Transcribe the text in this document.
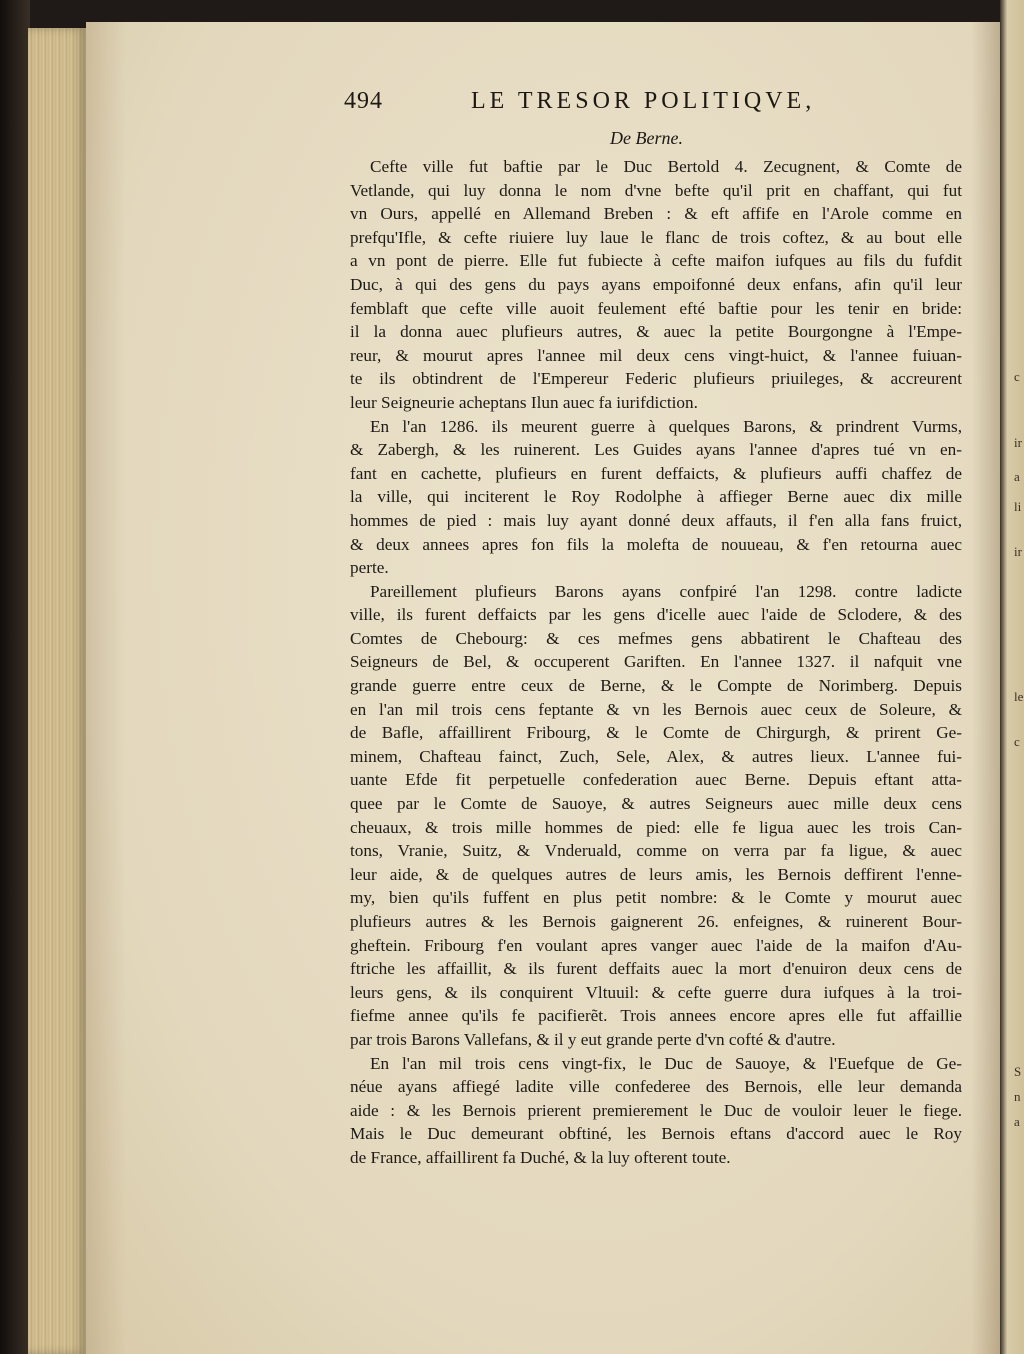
c
ir
a
li
ir
le
c
S
n
a
494	LE TRESOR POLITIQVE,
De Berne.
Cefte ville fut baftie par le Duc Bertold 4. Zecugnent, & Comte de
Vetlande, qui luy donna le nom d'vne befte qu'il prit en chaffant, qui fut
vn Ours, appellé en Allemand Breben : & eft affife en l'Arole comme en
prefqu'Ifle, & cefte riuiere luy laue le flanc de trois coftez, & au bout elle
a vn pont de pierre. Elle fut fubiecte à cefte maifon iufques au fils du fufdit
Duc, à qui des gens du pays ayans empoifonné deux enfans, afin qu'il leur
femblaft que cefte ville auoit feulement efté baftie pour les tenir en bride:
il la donna auec plufieurs autres, & auec la petite Bourgongne à l'Empe-
reur, & mourut apres l'annee mil deux cens vingt-huict, & l'annee fuiuan-
te ils obtindrent de l'Empereur Federic plufieurs priuileges, & accreurent
leur Seigneurie acheptans Ilun auec fa iurifdiction.
En l'an 1286. ils meurent guerre à quelques Barons, & prindrent Vurms,
& Zabergh, & les ruinerent. Les Guides ayans l'annee d'apres tué vn en-
fant en cachette, plufieurs en furent deffaicts, & plufieurs auffi chaffez de
la ville, qui inciterent le Roy Rodolphe à affieger Berne auec dix mille
hommes de pied : mais luy ayant donné deux affauts, il f'en alla fans fruict,
& deux annees apres fon fils la molefta de nouueau, & f'en retourna auec
perte.
Pareillement plufieurs Barons ayans confpiré l'an 1298. contre ladicte
ville, ils furent deffaicts par les gens d'icelle auec l'aide de Sclodere, & des
Comtes de Chebourg: & ces mefmes gens abbatirent le Chafteau des
Seigneurs de Bel, & occuperent Gariften. En l'annee 1327. il nafquit vne
grande guerre entre ceux de Berne, & le Compte de Norimberg. Depuis
en l'an mil trois cens feptante & vn les Bernois auec ceux de Soleure, &
de Bafle, affaillirent Fribourg, & le Comte de Chirgurgh, & prirent Ge-
minem, Chafteau fainct, Zuch, Sele, Alex, & autres lieux. L'annee fui-
uante Efde fit perpetuelle confederation auec Berne. Depuis eftant atta-
quee par le Comte de Sauoye, & autres Seigneurs auec mille deux cens
cheuaux, & trois mille hommes de pied: elle fe ligua auec les trois Can-
tons, Vranie, Suitz, & Vnderuald, comme on verra par fa ligue, & auec
leur aide, & de quelques autres de leurs amis, les Bernois deffirent l'enne-
my, bien qu'ils fuffent en plus petit nombre: & le Comte y mourut auec
plufieurs autres & les Bernois gaignerent 26. enfeignes, & ruinerent Bour-
gheftein. Fribourg f'en voulant apres vanger auec l'aide de la maifon d'Au-
ftriche les affaillit, & ils furent deffaits auec la mort d'enuiron deux cens de
leurs gens, & ils conquirent Vltuuil: & cefte guerre dura iufques à la troi-
fiefme annee qu'ils fe pacifierẽt. Trois annees encore apres elle fut affaillie
par trois Barons Vallefans, & il y eut grande perte d'vn cofté & d'autre.
En l'an mil trois cens vingt-fix, le Duc de Sauoye, & l'Euefque de Ge-
néue ayans affiegé ladite ville confederee des Bernois, elle leur demanda
aide : & les Bernois prierent premierement le Duc de vouloir leuer le fiege.
Mais le Duc demeurant obftiné, les Bernois eftans d'accord auec le Roy
de France, affaillirent fa Duché, & la luy ofterent toute.
